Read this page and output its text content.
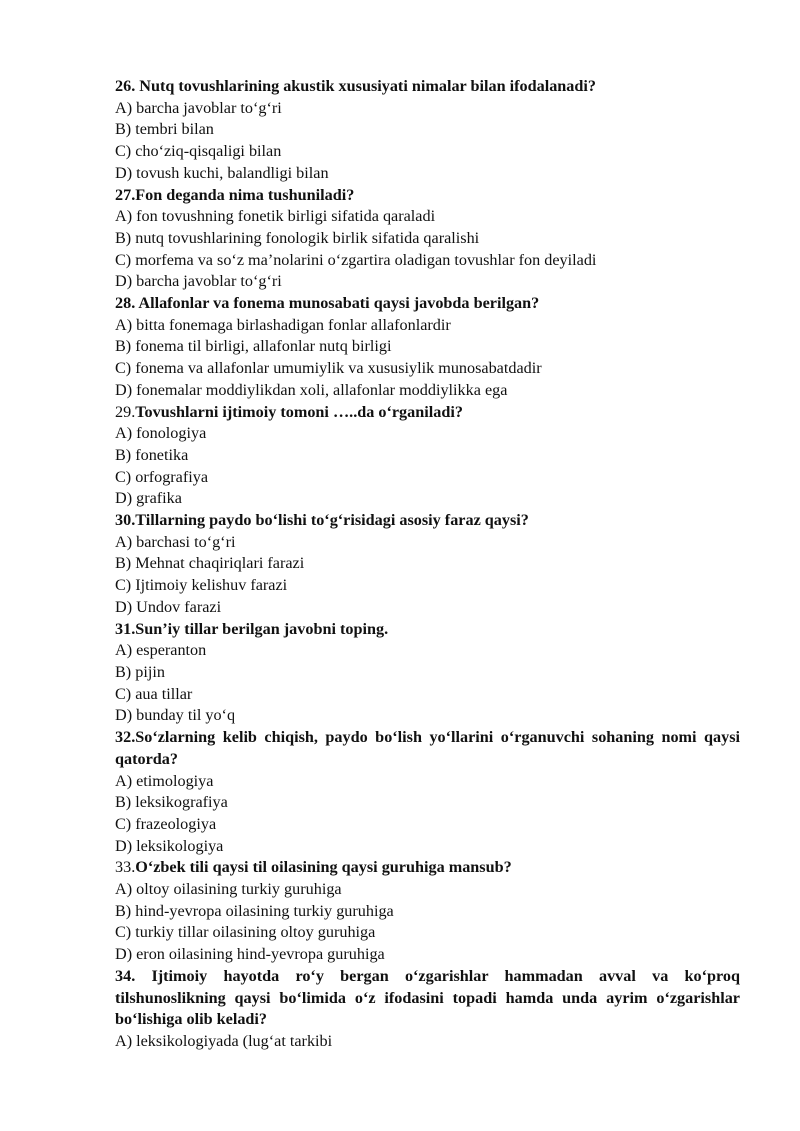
26. Nutq tovushlarining akustik xususiyati nimalar bilan ifodalanadi?

A) barcha javoblar to‘g‘ri

B) tembri bilan

C) cho‘ziq-qisqaligi bilan

D) tovush kuchi, balandligi bilan

27.Fon deganda nima tushuniladi?

A) fon tovushning fonetik birligi sifatida qaraladi

B) nutq tovushlarining fonologik birlik sifatida qaralishi

C) morfema va so‘z ma’nolarini o‘zgartira oladigan tovushlar fon deyiladi

D) barcha javoblar to‘g‘ri

28. Allafonlar va fonema munosabati qaysi javobda berilgan?

A) bitta fonemaga birlashadigan fonlar allafonlardir

B) fonema til birligi, allafonlar nutq birligi

C) fonema va allafonlar umumiylik va xususiylik munosabatdadir

D) fonemalar moddiylikdan xoli, allafonlar moddiylikka ega

29.Tovushlarni ijtimoiy tomoni …..da o‘rganiladi?

A) fonologiya

B) fonetika

C) orfografiya

D) grafika

30.Tillarning paydo bo‘lishi to‘g‘risidagi asosiy faraz qaysi?

A) barchasi to‘g‘ri

B) Mehnat chaqiriqlari farazi

C) Ijtimoiy kelishuv farazi

D) Undov farazi

31.Sun’iy tillar berilgan javobni toping.

A) esperanton

B) pijin

C) aua tillar

D) bunday til yo‘q

32.So‘zlarning kelib chiqish, paydo bo‘lish yo‘llarini o‘rganuvchi sohaning nomi qaysi qatorda?

A) etimologiya

B) leksikografiya

C) frazeologiya

D) leksikologiya

33.O‘zbek tili qaysi til oilasining qaysi guruhiga mansub?

A) oltoy oilasining turkiy guruhiga

B) hind-yevropa oilasining turkiy guruhiga

C) turkiy tillar oilasining oltoy guruhiga

D) eron oilasining hind-yevropa guruhiga

34. Ijtimoiy hayotda ro‘y bergan o‘zgarishlar hammadan avval va ko‘proq tilshunoslikning qaysi bo‘limida o‘z ifodasini topadi hamda unda ayrim o‘zgarishlar bo‘lishiga olib keladi?

A) leksikologiyada (lug‘at tarkibi
